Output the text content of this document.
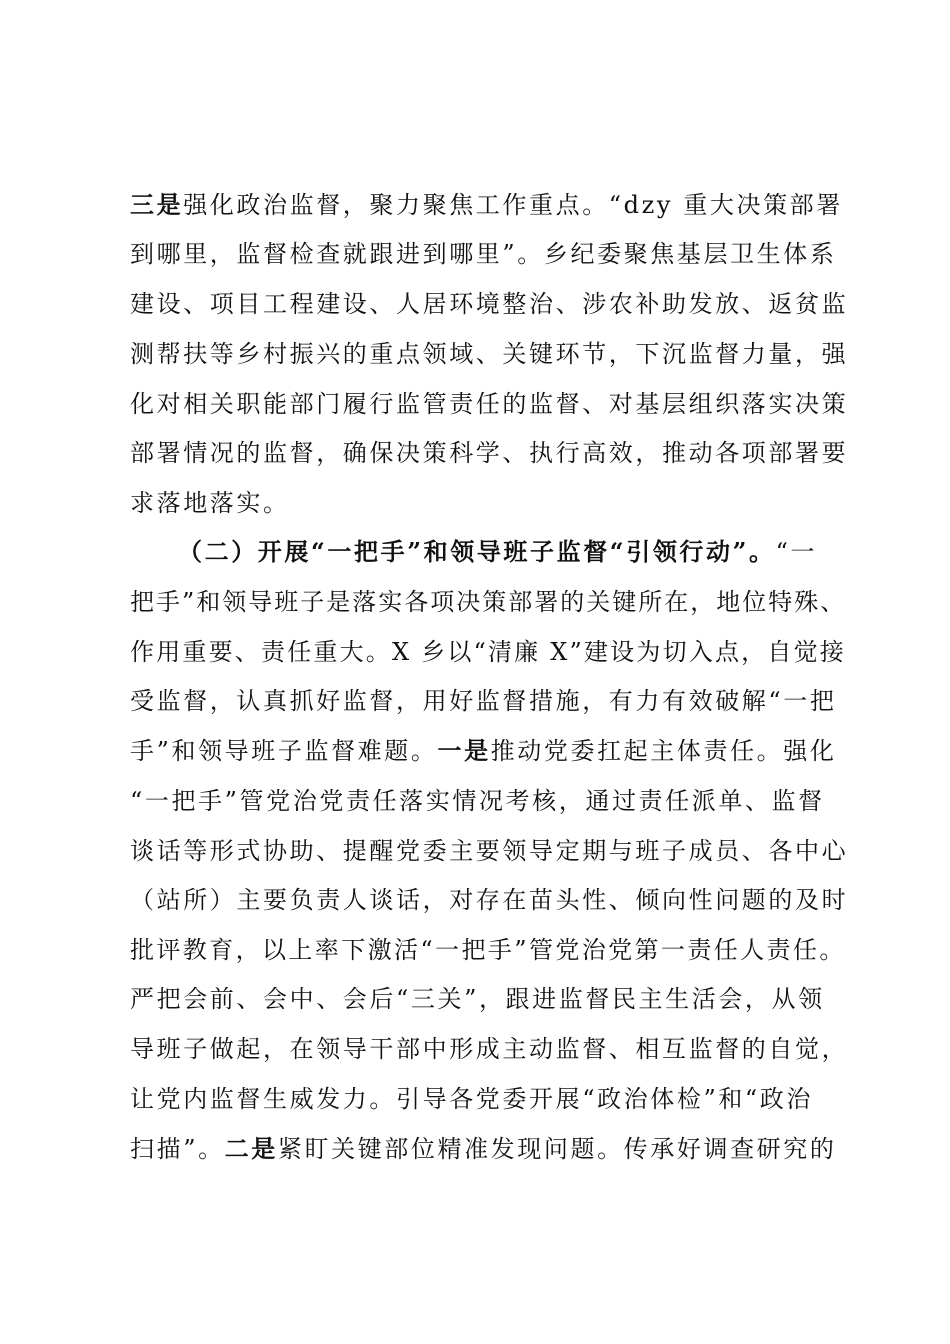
三是强化政治监督，聚力聚焦工作重点。“dzy 重大决策部署
到哪里，监督检查就跟进到哪里”。乡纪委聚焦基层卫生体系
建设、项目工程建设、人居环境整治、涉农补助发放、返贫监
测帮扶等乡村振兴的重点领域、关键环节，下沉监督力量，强
化对相关职能部门履行监管责任的监督、对基层组织落实决策
部署情况的监督，确保决策科学、执行高效，推动各项部署要
求落地落实。
（二）开展“一把手”和领导班子监督“引领行动”。“一
把手”和领导班子是落实各项决策部署的关键所在，地位特殊、
作用重要、责任重大。X 乡以“清廉 X”建设为切入点，自觉接
受监督，认真抓好监督，用好监督措施，有力有效破解“一把
手”和领导班子监督难题。一是推动党委扛起主体责任。强化
“一把手”管党治党责任落实情况考核，通过责任派单、监督
谈话等形式协助、提醒党委主要领导定期与班子成员、各中心
（站所）主要负责人谈话，对存在苗头性、倾向性问题的及时
批评教育，以上率下激活“一把手”管党治党第一责任人责任。
严把会前、会中、会后“三关”，跟进监督民主生活会，从领
导班子做起，在领导干部中形成主动监督、相互监督的自觉，
让党内监督生威发力。引导各党委开展“政治体检”和“政治
扫描”。二是紧盯关键部位精准发现问题。传承好调查研究的
